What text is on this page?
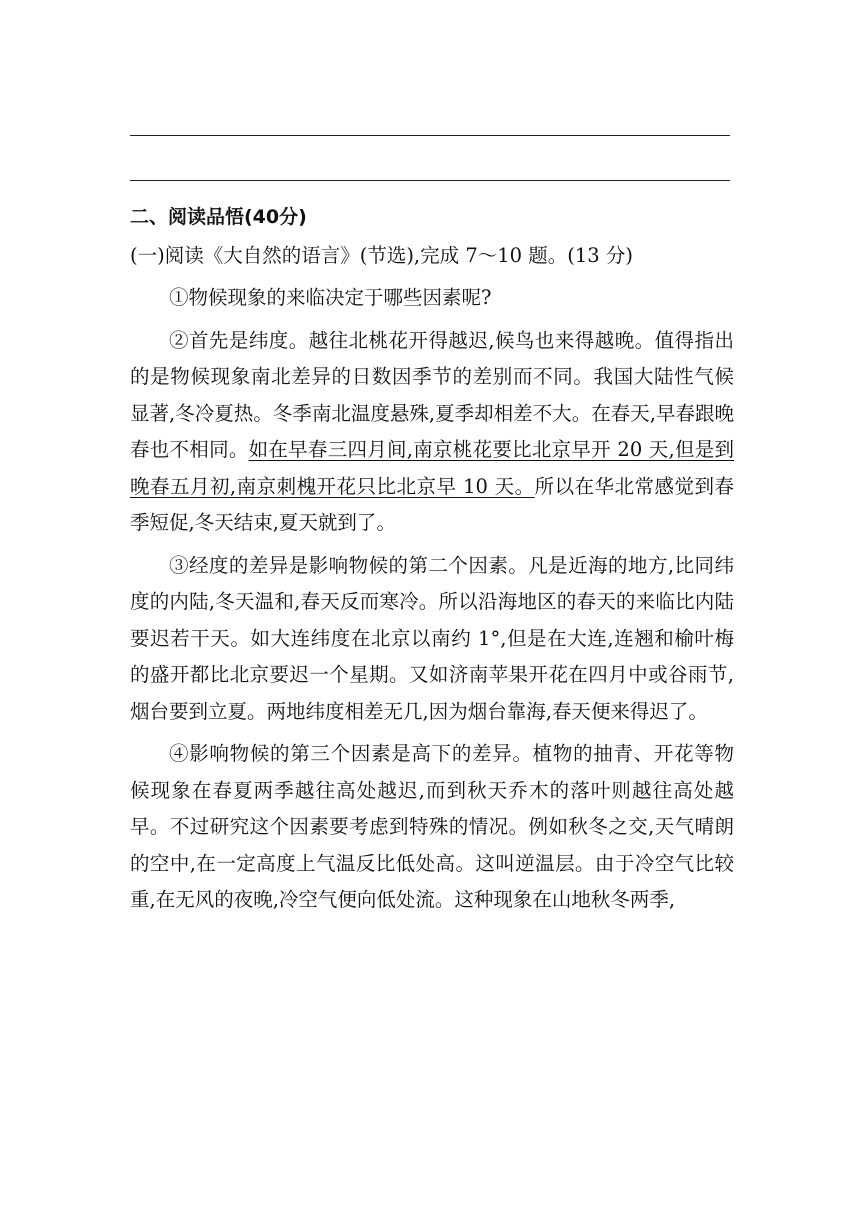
二、阅读品悟(40分)

(一)阅读《大自然的语言》(节选),完成 7～10 题。(13 分)

①物候现象的来临决定于哪些因素呢?

②首先是纬度。越往北桃花开得越迟,候鸟也来得越晚。值得指出的是物候现象南北差异的日数因季节的差别而不同。我国大陆性气候显著,冬冷夏热。冬季南北温度悬殊,夏季却相差不大。在春天,早春跟晚春也不相同。如在早春三四月间,南京桃花要比北京早开 20 天,但是到晚春五月初,南京刺槐开花只比北京早 10 天。所以在华北常感觉到春季短促,冬天结束,夏天就到了。

③经度的差异是影响物候的第二个因素。凡是近海的地方,比同纬度的内陆,冬天温和,春天反而寒冷。所以沿海地区的春天的来临比内陆要迟若干天。如大连纬度在北京以南约 1°,但是在大连,连翘和榆叶梅的盛开都比北京要迟一个星期。又如济南苹果开花在四月中或谷雨节,烟台要到立夏。两地纬度相差无几,因为烟台靠海,春天便来得迟了。

④影响物候的第三个因素是高下的差异。植物的抽青、开花等物候现象在春夏两季越往高处越迟,而到秋天乔木的落叶则越往高处越早。不过研究这个因素要考虑到特殊的情况。例如秋冬之交,天气晴朗的空中,在一定高度上气温反比低处高。这叫逆温层。由于冷空气比较重,在无风的夜晚,冷空气便向低处流。这种现象在山地秋冬两季,
